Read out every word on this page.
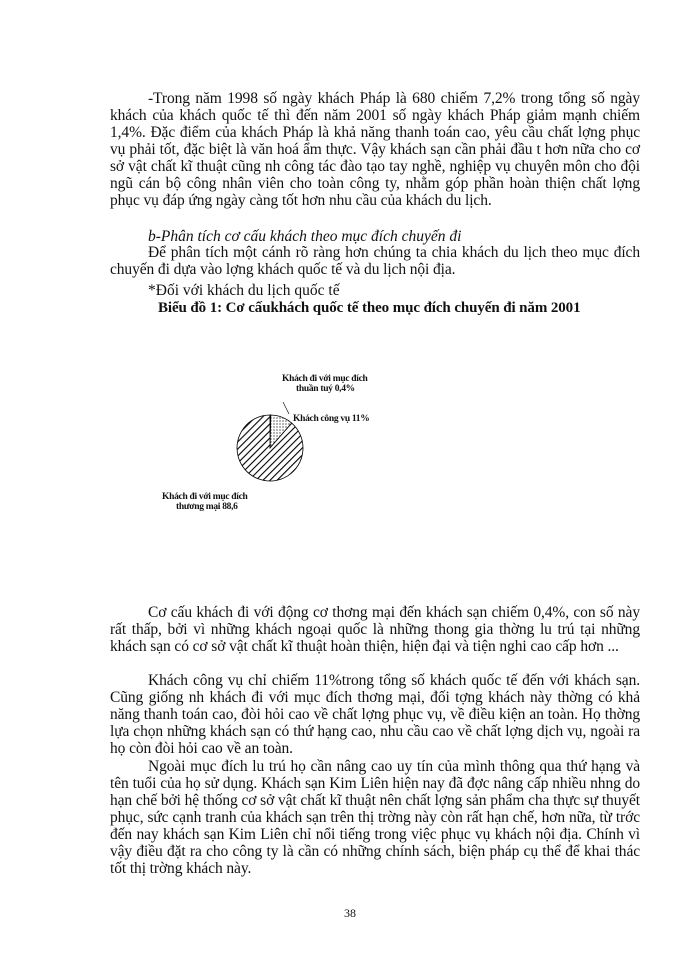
-Trong năm 1998 số ngày khách Pháp là 680 chiếm 7,2% trong tổng số ngày khách của khách quốc tế thì đến năm 2001 số ngày khách Pháp giảm mạnh chiếm 1,4%. Đặc điểm của khách Pháp là khả năng thanh toán cao, yêu cầu chất lợng phục vụ phải tốt, đặc biệt là văn hoá ẩm thực. Vậy khách sạn cần phải đầu t hơn nữa cho cơ sở vật chất kĩ thuật cũng nh công tác đào tạo tay nghề, nghiệp vụ chuyên môn cho đội ngũ cán bộ công nhân viên cho toàn công ty, nhằm góp phần hoàn thiện chất lợng phục vụ đáp ứng ngày càng tốt hơn nhu cầu của khách du lịch.

b-Phân tích cơ cấu khách theo mục đích chuyến đi

Để phân tích một cánh rõ ràng hơn chúng ta chia khách du lịch theo mục đích chuyến đi dựa vào lợng khách quốc tế và du lịch nội địa.

*Đối với khách du lịch quốc tế

Biểu đồ 1: Cơ cấukhách quốc tế theo mục đích chuyến đi năm 2001
Khách đi với mục đích
thuần tuý 0,4%
Khách công vụ 11%
Khách đi với mục đích
thương mại 88,6

Cơ cấu khách đi với động cơ thơng mại đến khách sạn chiếm 0,4%, con số này rất thấp, bởi vì những khách ngoại quốc là những thong gia thờng lu trú tại những khách sạn có cơ sở vật chất kĩ thuật hoàn thiện, hiện đại và tiện nghi cao cấp hơn ...

Khách công vụ chỉ chiếm 11%trong tổng số khách quốc tế đến với khách sạn. Cũng giống nh khách đi với mục đích thơng mại, đối tợng khách này thờng có khả năng thanh toán cao, đòi hỏi cao về chất lợng phục vụ, về điều kiện an toàn. Họ thờng lựa chọn những khách sạn có thứ hạng cao, nhu cầu cao về chất lợng dịch vụ, ngoài ra họ còn đòi hỏi cao về an toàn.

Ngoài mục đích lu trú họ cần nâng cao uy tín của mình thông qua thứ hạng và tên tuổi của họ sử dụng. Khách sạn Kim Liên hiện nay đã đợc nâng cấp nhiều nhng do hạn chế bởi hệ thống cơ sở vật chất kĩ thuật nên chất lợng sản phẩm cha thực sự thuyết phục, sức cạnh tranh của khách sạn trên thị trờng này còn rất hạn chế, hơn nữa, từ trớc đến nay khách sạn Kim Liên chỉ nổi tiếng trong việc phục vụ khách nội địa. Chính vì vậy điều đặt ra cho công ty là cần có những chính sách, biện pháp cụ thể để khai thác tốt thị trờng khách này.

38
